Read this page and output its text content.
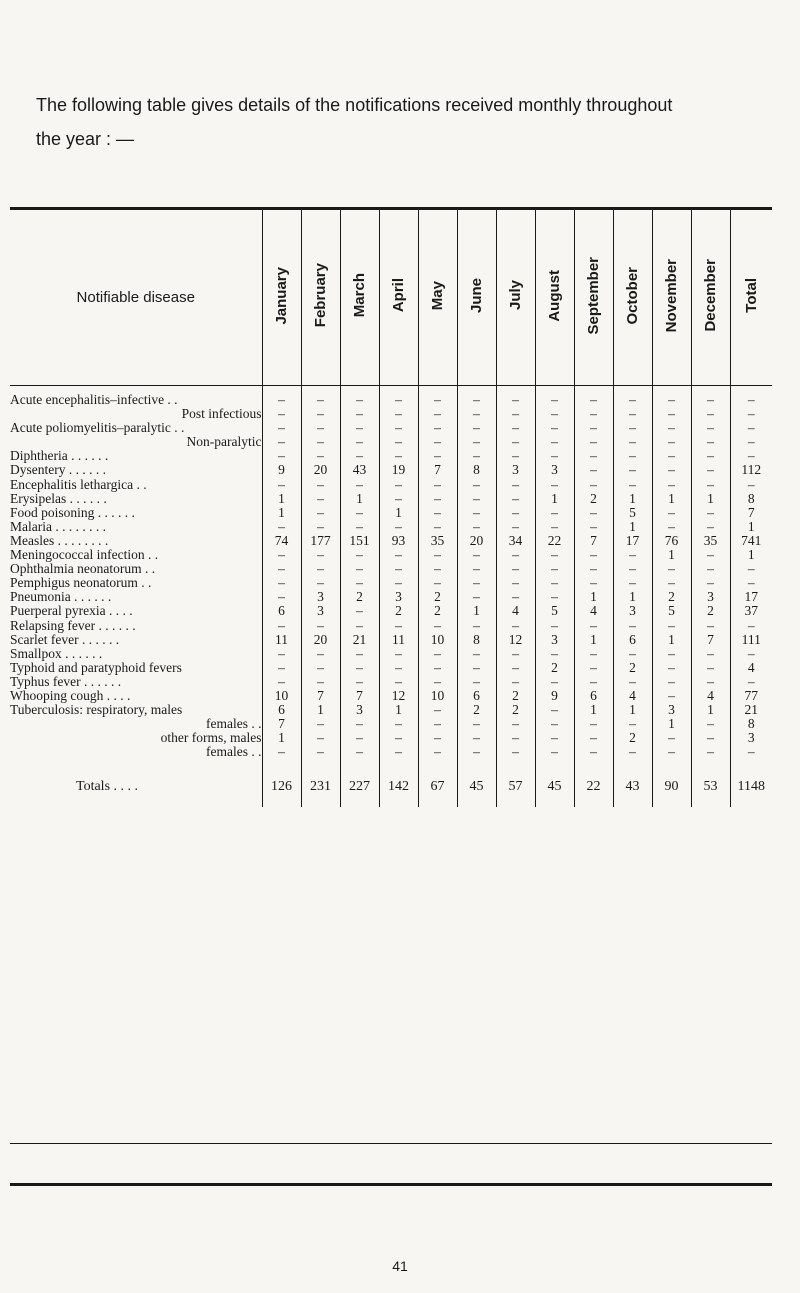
The following table gives details of the notifications received monthly throughout
the year : —
Notifiable disease	January	February	March	April	May	June	July	August	September	October	November	December	Total
Acute encephalitis–infective . .	–	–	–	–	–	–	–	–	–	–	–	–	–
Post infectious	–	–	–	–	–	–	–	–	–	–	–	–	–
Acute poliomyelitis–paralytic . .	–	–	–	–	–	–	–	–	–	–	–	–	–
Non-paralytic	–	–	–	–	–	–	–	–	–	–	–	–	–
Diphtheria . . . . . .	–	–	–	–	–	–	–	–	–	–	–	–	–
Dysentery . . . . . .	9	20	43	19	7	8	3	3	–	–	–	–	112
Encephalitis lethargica . .	–	–	–	–	–	–	–	–	–	–	–	–	–
Erysipelas . . . . . .	1	–	1	–	–	–	–	1	2	1	1	1	8
Food poisoning . . . . . .	1	–	–	1	–	–	–	–	–	5	–	–	7
Malaria . . . . . . . .	–	–	–	–	–	–	–	–	–	1	–	–	1
Measles . . . . . . . .	74	177	151	93	35	20	34	22	7	17	76	35	741
Meningococcal infection . .	–	–	–	–	–	–	–	–	–	–	1	–	1
Ophthalmia neonatorum . .	–	–	–	–	–	–	–	–	–	–	–	–	–
Pemphigus neonatorum . .	–	–	–	–	–	–	–	–	–	–	–	–	–
Pneumonia . . . . . .	–	3	2	3	2	–	–	–	1	1	2	3	17
Puerperal pyrexia . . . .	6	3	–	2	2	1	4	5	4	3	5	2	37
Relapsing fever . . . . . .	–	–	–	–	–	–	–	–	–	–	–	–	–
Scarlet fever . . . . . .	11	20	21	11	10	8	12	3	1	6	1	7	111
Smallpox . . . . . .	–	–	–	–	–	–	–	–	–	–	–	–	–
Typhoid and paratyphoid fevers	–	–	–	–	–	–	–	2	–	2	–	–	4
Typhus fever . . . . . .	–	–	–	–	–	–	–	–	–	–	–	–	–
Whooping cough . . . .	10	7	7	12	10	6	2	9	6	4	–	4	77
Tuberculosis: respiratory, males	6	1	3	1	–	2	2	–	1	1	3	1	21
females . .	7	–	–	–	–	–	–	–	–	–	1	–	8
other forms, males	1	–	–	–	–	–	–	–	–	2	–	–	3
females . .	–	–	–	–	–	–	–	–	–	–	–	–	–
Totals . . . .	126	231	227	142	67	45	57	45	22	43	90	53	1148
41
